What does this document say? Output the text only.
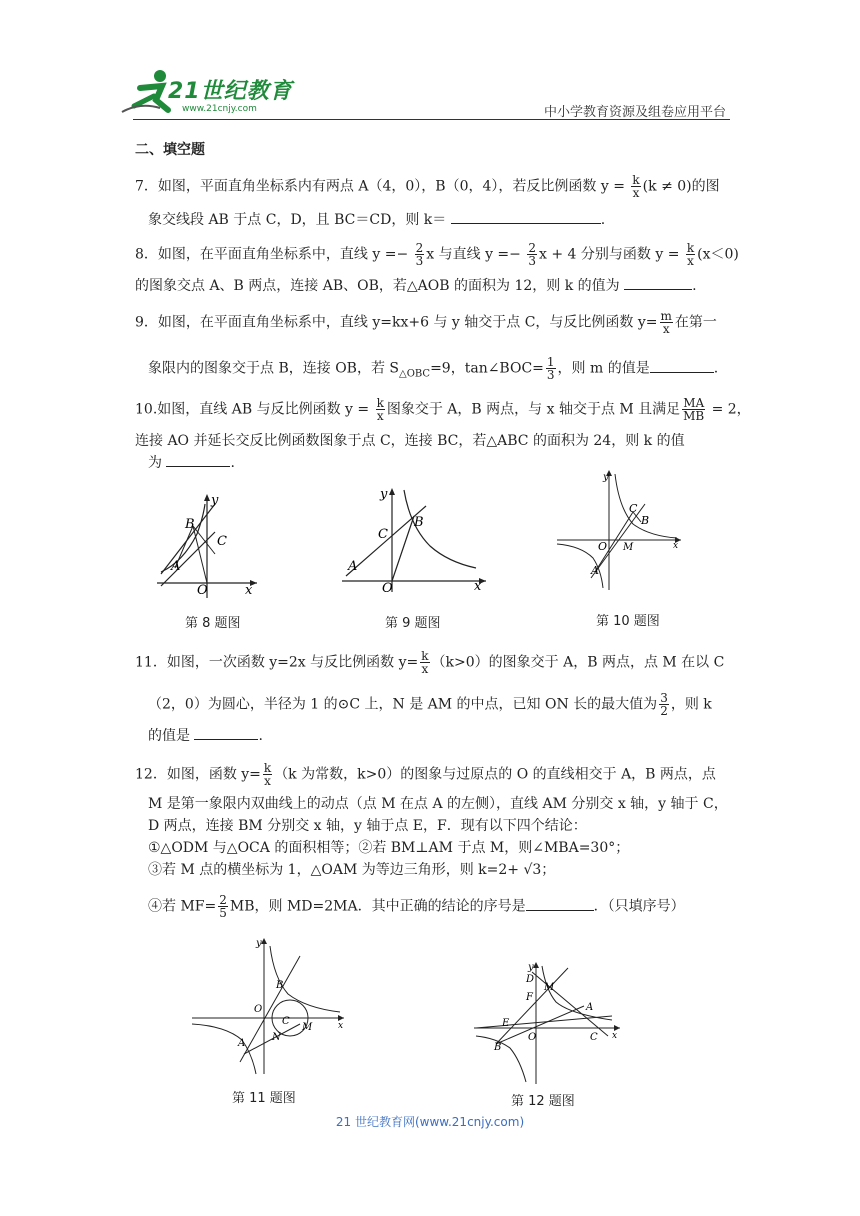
21世纪教育
www.21cnjy.com	中小学教育资源及组卷应用平台
二、填空题
7．如图，平面直角坐标系内有两点 A（4，0），B（0，4），若反比例函数 $y = \frac{k}{x} (k \ne 0)$的图
象交线段 AB 于点 C，D，且 BC＝CD，则 k＝	.
8．如图，在平面直角坐标系中，直线 $y =- \frac{2}{3}$ x 与直线 $y =- \frac{2}{3}$ x + 4 分别与函数 $y = \frac{k}{x} (x<0)$
的图象交点 A、B 两点，连接 AB、OB，若△AOB 的面积为 12，则 k 的值为	.
9．如图，在平面直角坐标系中，直线 y=kx+6 与 y 轴交于点 C，与反比例函数 $y= \frac{m}{x}$ 在第一
象限内的图象交于点 B，连接 OB，若 $S_{\triangle OBC}=9$，tan∠BOC= $\frac{1}{3}$ ，则 m 的值是	.
10.如图，直线 AB 与反比例函数 $y = \frac{k}{x}$ 图象交于 A，B 两点，与 x 轴交于点 M 且满足 $\frac{MA}{MB} = 2$，
连接 AO 并延长交反比例函数图象于点 C，连接 BC，若△ABC 的面积为 24，则 k 的值
为	.
B
y
C
A
O	x
第 8 题图
y
B
C
A
O	x
第 9 题图
y
C
B
O M
A
x
第 10 题图
11．如图，一次函数 y=2x 与反比例函数 $y= \frac{k}{x} (k>0)$的图象交于 A，B 两点，点 M 在以 C
（2，0）为圆心，半径为 1 的⊙C 上，N 是 AM 的中点，已知 ON 长的最大值为 $\frac{3}{2}$ ，则 k
的值是	.
12．如图，函数 $y= \frac{k}{x} (k$ 为常数，k>0）的图象与过原点的 O 的直线相交于 A，B 两点，点
M 是第一象限内双曲线上的动点（点 M 在点 A 的左侧），直线 AM 分别交 x 轴，y 轴于 C，
D 两点，连接 BM 分别交 x 轴，y 轴于点 E，F．现有以下四个结论：
①△ODM 与△OCA 的面积相等；②若 BM⊥AM 于点 M，则∠MBA=30°；
③若 M 点的横坐标为 1，△OAM 为等边三角形，则 k=2+ √3；
④若 $MF= \frac{2}{5}$ MB，则 MD=2MA．其中正确的结论的序号是	．（只填序号）
y
B
O
C
M
A
N
x
第 11 题图
y
D
M
F
A
E
B
O	C x
第 12 题图
21 世纪教育网(www.21cnjy.com)
